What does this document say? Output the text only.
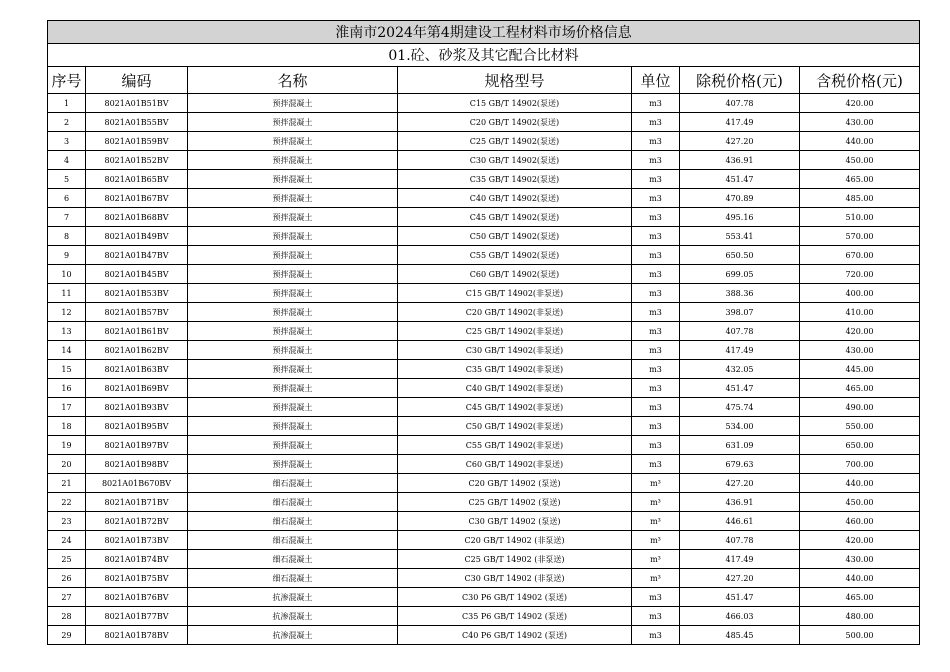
淮南市2024年第4期建设工程材料市场价格信息						
01.砼、砂浆及其它配合比材料						
序号	编码	名称	规格型号	单位	除税价格(元)	含税价格(元)
1	8021A01B51BV	预拌混凝土	C15 GB/T 14902(泵送)	m3	407.78	420.00
2	8021A01B55BV	预拌混凝土	C20 GB/T 14902(泵送)	m3	417.49	430.00
3	8021A01B59BV	预拌混凝土	C25 GB/T 14902(泵送)	m3	427.20	440.00
4	8021A01B52BV	预拌混凝土	C30 GB/T 14902(泵送)	m3	436.91	450.00
5	8021A01B65BV	预拌混凝土	C35 GB/T 14902(泵送)	m3	451.47	465.00
6	8021A01B67BV	预拌混凝土	C40 GB/T 14902(泵送)	m3	470.89	485.00
7	8021A01B68BV	预拌混凝土	C45 GB/T 14902(泵送)	m3	495.16	510.00
8	8021A01B49BV	预拌混凝土	C50 GB/T 14902(泵送)	m3	553.41	570.00
9	8021A01B47BV	预拌混凝土	C55 GB/T 14902(泵送)	m3	650.50	670.00
10	8021A01B45BV	预拌混凝土	C60 GB/T 14902(泵送)	m3	699.05	720.00
11	8021A01B53BV	预拌混凝土	C15 GB/T 14902(非泵送)	m3	388.36	400.00
12	8021A01B57BV	预拌混凝土	C20 GB/T 14902(非泵送)	m3	398.07	410.00
13	8021A01B61BV	预拌混凝土	C25 GB/T 14902(非泵送)	m3	407.78	420.00
14	8021A01B62BV	预拌混凝土	C30 GB/T 14902(非泵送)	m3	417.49	430.00
15	8021A01B63BV	预拌混凝土	C35 GB/T 14902(非泵送)	m3	432.05	445.00
16	8021A01B69BV	预拌混凝土	C40 GB/T 14902(非泵送)	m3	451.47	465.00
17	8021A01B93BV	预拌混凝土	C45 GB/T 14902(非泵送)	m3	475.74	490.00
18	8021A01B95BV	预拌混凝土	C50 GB/T 14902(非泵送)	m3	534.00	550.00
19	8021A01B97BV	预拌混凝土	C55 GB/T 14902(非泵送)	m3	631.09	650.00
20	8021A01B98BV	预拌混凝土	C60 GB/T 14902(非泵送)	m3	679.63	700.00
21	8021A01B670BV	细石混凝土	C20 GB/T 14902 (泵送)	m³	427.20	440.00
22	8021A01B71BV	细石混凝土	C25 GB/T 14902 (泵送)	m³	436.91	450.00
23	8021A01B72BV	细石混凝土	C30 GB/T 14902 (泵送)	m³	446.61	460.00
24	8021A01B73BV	细石混凝土	C20 GB/T 14902 (非泵送)	m³	407.78	420.00
25	8021A01B74BV	细石混凝土	C25 GB/T 14902 (非泵送)	m³	417.49	430.00
26	8021A01B75BV	细石混凝土	C30 GB/T 14902 (非泵送)	m³	427.20	440.00
27	8021A01B76BV	抗渗混凝土	C30 P6 GB/T 14902 (泵送)	m3	451.47	465.00
28	8021A01B77BV	抗渗混凝土	C35 P6 GB/T 14902 (泵送)	m3	466.03	480.00
29	8021A01B78BV	抗渗混凝土	C40 P6 GB/T 14902 (泵送)	m3	485.45	500.00
